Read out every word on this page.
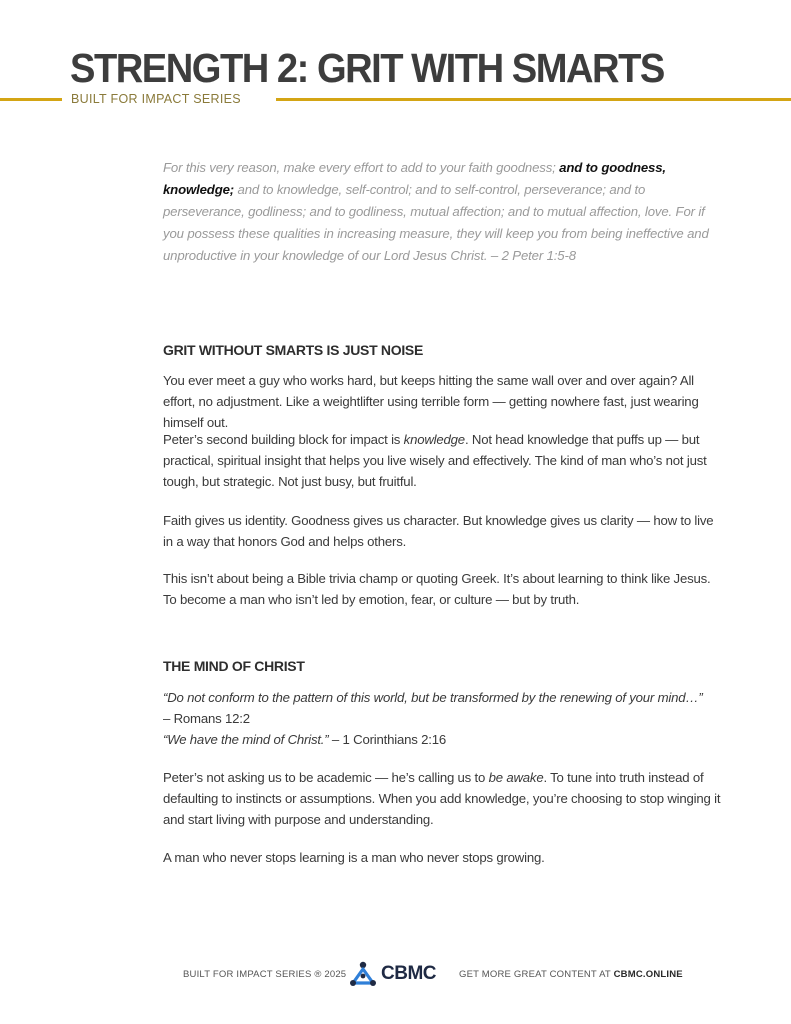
STRENGTH 2: GRIT WITH SMARTS
BUILT FOR IMPACT SERIES
For this very reason, make every effort to add to your faith goodness; and to goodness, knowledge; and to knowledge, self-control; and to self-control, perseverance; and to perseverance, godliness; and to godliness, mutual affection; and to mutual affection, love. For if you possess these qualities in increasing measure, they will keep you from being ineffective and unproductive in your knowledge of our Lord Jesus Christ. – 2 Peter 1:5-8
GRIT WITHOUT SMARTS IS JUST NOISE

You ever meet a guy who works hard, but keeps hitting the same wall over and over again? All effort, no adjustment. Like a weightlifter using terrible form — getting nowhere fast, just wearing himself out.

Peter’s second building block for impact is knowledge. Not head knowledge that puffs up — but practical, spiritual insight that helps you live wisely and effectively. The kind of man who’s not just tough, but strategic. Not just busy, but fruitful.

Faith gives us identity. Goodness gives us character. But knowledge gives us clarity — how to live in a way that honors God and helps others.

This isn’t about being a Bible trivia champ or quoting Greek. It’s about learning to think like Jesus. To become a man who isn’t led by emotion, fear, or culture — but by truth.

THE MIND OF CHRIST

“Do not conform to the pattern of this world, but be transformed by the renewing of your mind…”
– Romans 12:2
“We have the mind of Christ.” – 1 Corinthians 2:16

Peter’s not asking us to be academic — he’s calling us to be awake. To tune into truth instead of defaulting to instincts or assumptions. When you add knowledge, you’re choosing to stop winging it and start living with purpose and understanding.

A man who never stops learning is a man who never stops growing.

BUILT FOR IMPACT SERIES ® 2025 CBMC GET MORE GREAT CONTENT AT CBMC.ONLINE
